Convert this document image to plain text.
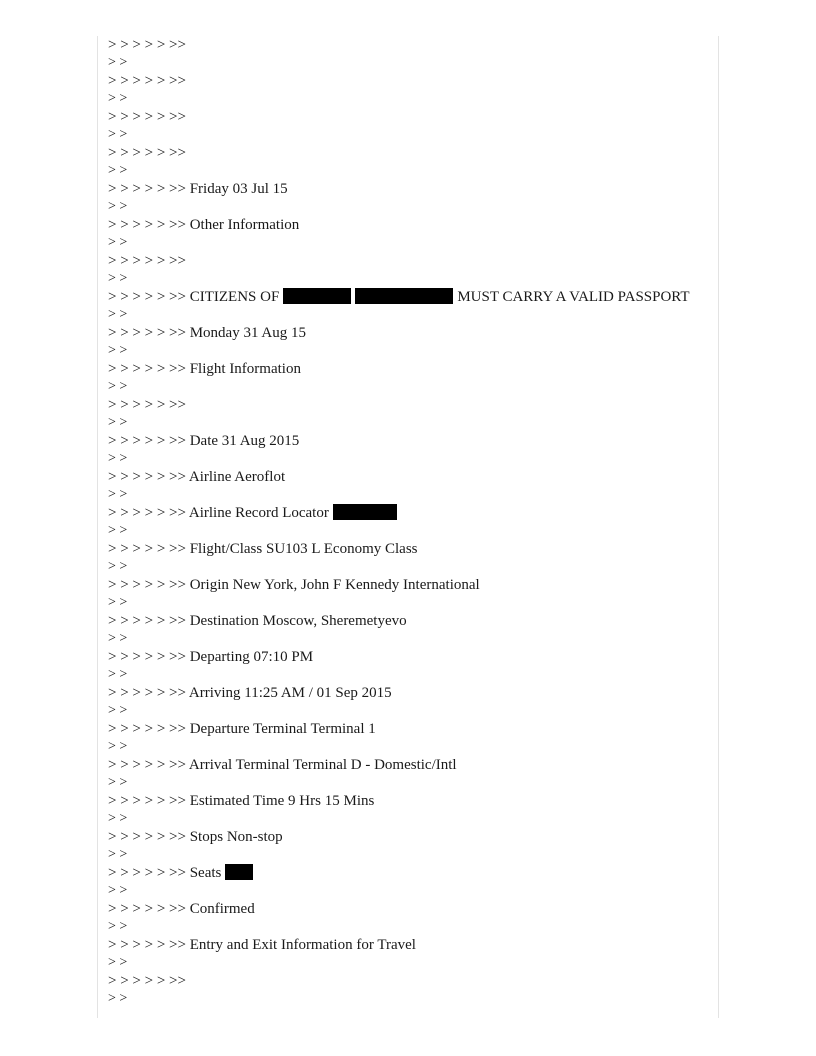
> > > > > >>
> >
> > > > > >>
> >
> > > > > >>
> >
> > > > > >>
> >
> > > > > >> Friday 03 Jul 15
> >
> > > > > >> Other Information
> >
> > > > > >>
> >
> > > > > >> CITIZENS OF	MUST CARRY A VALID PASSPORT
> >
> > > > > >> Monday 31 Aug 15
> >
> > > > > >> Flight Information
> >
> > > > > >>
> >
> > > > > >> Date 31 Aug 2015
> >
> > > > > >> Airline Aeroflot
> >
> > > > > >> Airline Record Locator
> >
> > > > > >> Flight/Class SU103 L Economy Class
> >
> > > > > >> Origin New York, John F Kennedy International
> >
> > > > > >> Destination Moscow, Sheremetyevo
> >
> > > > > >> Departing 07:10 PM
> >
> > > > > >> Arriving 11:25 AM / 01 Sep 2015
> >
> > > > > >> Departure Terminal Terminal 1
> >
> > > > > >> Arrival Terminal Terminal D - Domestic/Intl
> >
> > > > > >> Estimated Time 9 Hrs 15 Mins
> >
> > > > > >> Stops Non-stop
> >
> > > > > >> Seats
> >
> > > > > >> Confirmed
> >
> > > > > >> Entry and Exit Information for Travel
> >
> > > > > >>
> >
